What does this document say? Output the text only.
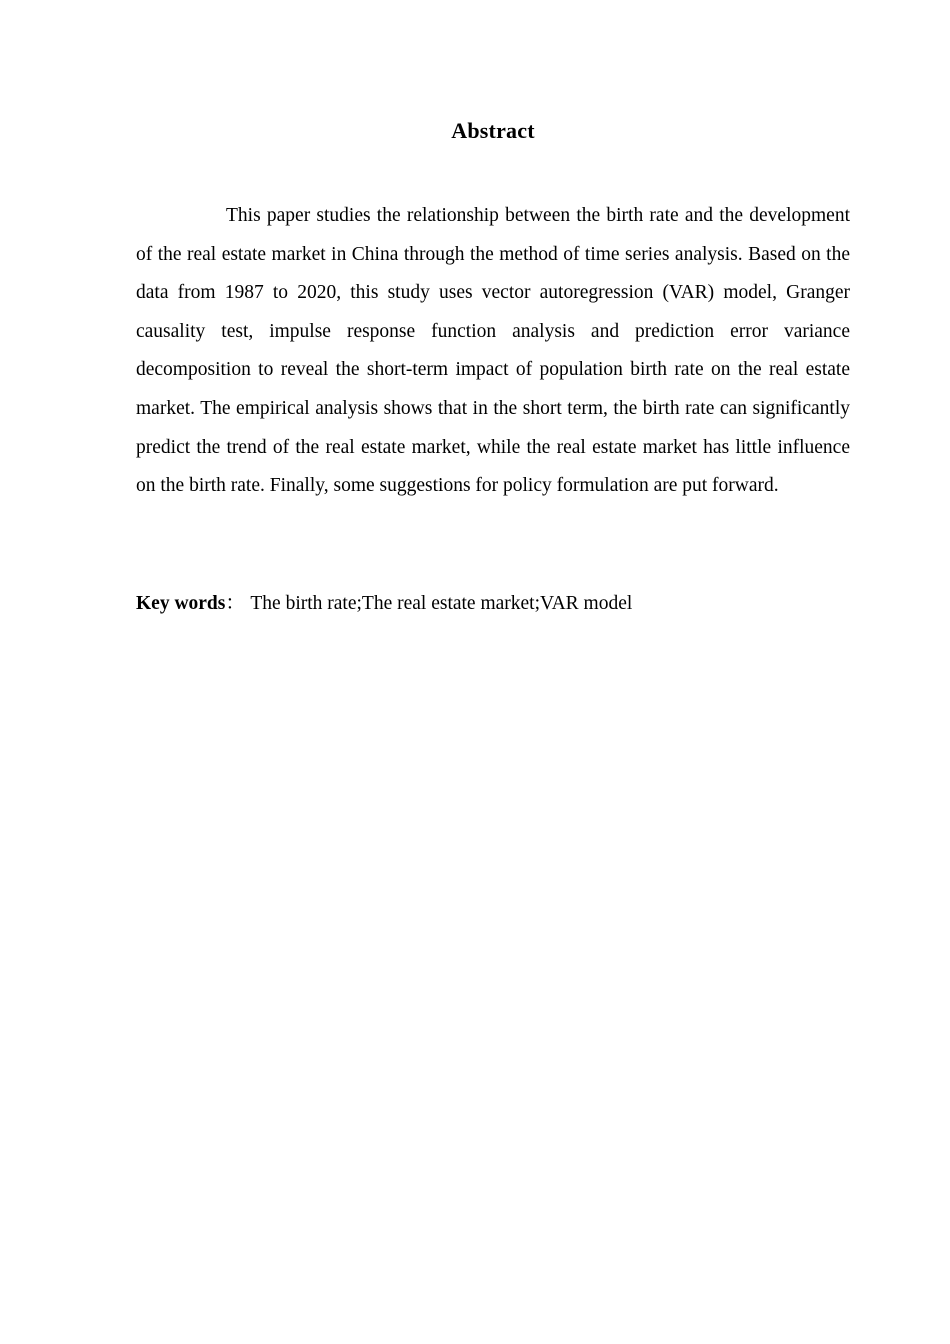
Abstract

This paper studies the relationship between the birth rate and the development of the real estate market in China through the method of time series analysis. Based on the data from 1987 to 2020, this study uses vector autoregression (VAR) model, Granger causality test, impulse response function analysis and prediction error variance decomposition to reveal the short-term impact of population birth rate on the real estate market. The empirical analysis shows that in the short term, the birth rate can significantly predict the trend of the real estate market, while the real estate market has little influence on the birth rate. Finally, some suggestions for policy formulation are put forward.

Key words： The birth rate;The real estate market;VAR model
